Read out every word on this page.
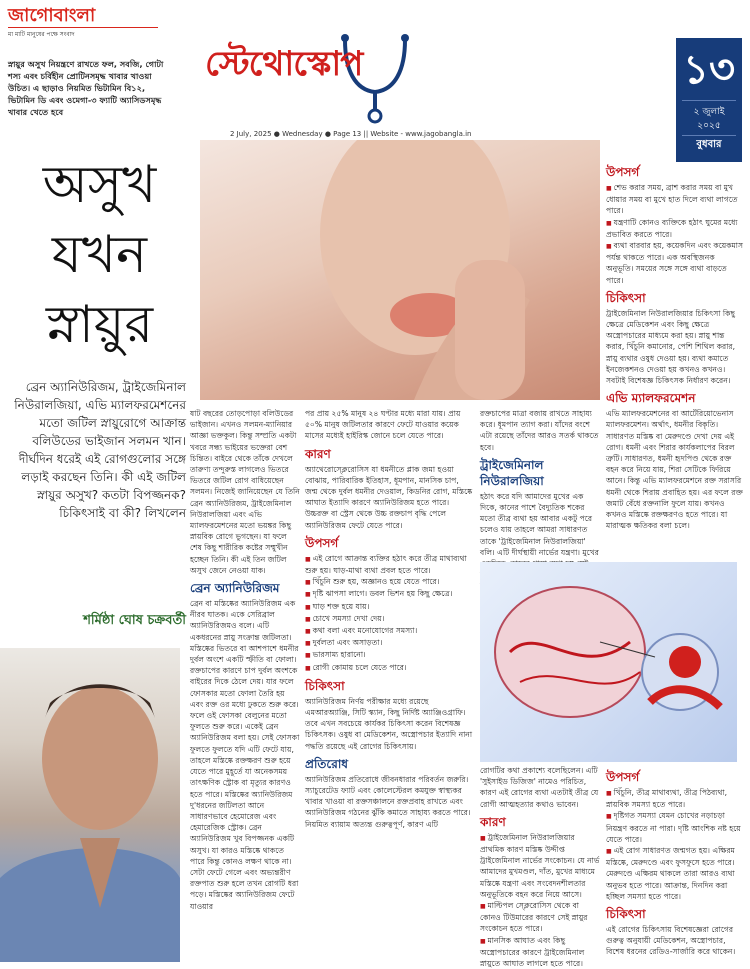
জাগোবাংলা
মা মাটি মানুষের পক্ষে সংবাদ
স্নায়ুর অসুখ নিয়ন্ত্রণে রাখতে ফল, সবজি, গোটা শস্য এবং চর্বিহীন প্রোটিনসমৃদ্ধ খাবার খাওয়া উচিত। এ ছাড়াও নিয়মিত ভিটামিন বি১২, ভিটামিন ডি এবং ওমেগা-৩ ফ্যাটি অ্যাসিডসমৃদ্ধ খাবার খেতে হবে
স্টেথোস্কোপ
2 July, 2025 ● Wednesday ● Page 13 || Website - www.jagobangla.in
১৩
২ জুলাই ২০২৫
বুধবার
অসুখ
যখন
স্নায়ুর
ব্রেন অ্যানিউরিজম, ট্রাইজেমিনাল নিউরালজিয়া, এভি ম্যালফরমেশনের মতো জটিল স্নায়ুরোগে আক্রান্ত বলিউডের ভাইজান সলমন খান। দীর্ঘদিন ধরেই এই রোগগুলোর সঙ্গে লড়াই করছেন তিনি। কী এই জটিল স্নায়ুর অসুখ? কতটা বিপজ্জনক? চিকিৎসাই বা কী? লিখলেন
শর্মিষ্ঠা ঘোষ চক্রবর্তী
ষাট বছরের তোড়পোড়া বলিউডের ভাইজান। এখনও সলমন-ম্যানিয়ার আজ্ঞা ভক্তকুল। কিন্তু সম্প্রতি একটা খবরে সন্ধ্য ভাইয়ের ভক্তেরা বেশ চিন্তিত। বাইরে থেকে তাঁকে দেখলে তারুণ্য তন্দুরুস্ত লাগলেও ভিতরে ভিতরে জটিল রোগ বাধিয়েছেন সলমন। নিজেই জানিয়েছেন যে তিনি ব্রেন অ্যানিউরিজম, ট্রাইজেমিনাল নিউরালজিয়া এবং এভি ম্যালফরমেশনের মতো ভয়ঙ্কর কিছু স্নায়বিক রোগে ভুগছেন। যা ফলে শেষ কিছু শারীরিক কষ্টের সম্মুখীন হচ্ছেন তিনি। কী এই তিন জটিল অসুখ জেনে নেওয়া যাক।
ব্রেন অ্যানিউরিজম
ব্রেন বা মস্তিষ্কের অ্যানিউরিজম এক নীরব ঘাতক। একে সেরিব্রাল অ্যানিউরিজমও বলে। এটি একধরনের স্নায়ু সংক্রান্ত জটিলতা। মস্তিষ্কের ভিতরে বা আশপাশে ধমনীর দুর্বল অংশে একটি স্ফীতি বা ফোলা। রক্তচাপের কারণে চাপ দুর্বল অংশকে বাইরের দিকে ঠেলে দেয়। যার ফলে ফোসকার মতো ফোলা তৈরি হয় এবং রক্ত ওর মধ্যে ঢুকতে শুরু করে। ফলে ওই ফোসকা বেলুনের মতো ফুলতে শুরু করে। একেই ব্রেন অ্যানিউরিজম বলা হয়। সেই ফোসকা ফুলতে ফুলতে যদি এটি ফেটে যায়, তাহলে মস্তিষ্কে রক্তক্ষরণ শুরু হয়ে যেতে পারে মুহূর্তে যা অনেকসময় তাৎক্ষণিক স্ট্রোক বা মৃত্যুর কারণও হতে পারে। মস্তিষ্কের অ্যানিউরিজম দু'ধরনের জটিলতা আনে সাধারণভাবে হেমোরেজ এবং হেমারেজিক স্ট্রোক। ব্রেন অ্যানিউরিজম খুব বিপজ্জনক একটি অসুখ। যা কারও মস্তিষ্কে থাকতে পারে কিন্তু কোনও লক্ষণ থাকে না। সেটা ফেটে গেলে এবং অভ্যন্তরীণ রক্তপাত শুরু হলে তখন রোগটি ধরা পড়ে। মস্তিষ্কের অ্যানিউরিজম ফেটে যাওয়ার
পর প্রায় ২৫% মানুষ ২৪ ঘণ্টার মধ্যে মারা যায়। প্রায় ৫০% মানুষ জটিলতার কারণে ফেটে যাওয়ার কয়েক মাসের মধ্যেই হাইরিস্ক জোনে চলে যেতে পারে।
কারণ
অ্যাথেরোস্ক্লেরোসিস যা ধমনীতে প্লাক জমা হওয়া বোঝায়, পারিবারিক ইতিহাস, ধূমপান, মানসিক চাপ, জন্ম থেকে দুর্বল ধমনীর দেওয়াল, কিডনির রোগ, মস্তিষ্কে আঘাত ইত্যাদি কারণে অ্যানিউরিজম হতে পারে। উচ্চরক্ত বা স্ট্রেস থেকে উচ্চ রক্তচাপ বৃদ্ধি পেলে অ্যানিউরিজম ফেটে যেতে পারে।
উপসর্গ
■ এই রোগে আক্রান্ত ব্যক্তির হঠাৎ করে তীব্র মাথাব্যথা শুরু হয়। ঘাড়-মাথা ব্যথা প্রবল হতে পারে।
■ খিঁচুনি শুরু হয়, অজ্ঞানও হয়ে যেতে পারে।
■ দৃষ্টি ঝাপসা লাগে। ডবল ভিশন হয় কিছু ক্ষেত্রে।
■ ঘাড় শক্ত হয়ে যায়।
■ চোখে সমস্যা দেখা দেয়।
■ কথা বলা এবং মনোযোগের সমস্যা।
■ দুর্বলতা এবং অসাড়তা।
■ ভারসাম্য হারানো।
■ রোগী কোমায় চলে যেতে পারে।
চিকিৎসা
অ্যানিউরিজম নির্ণয় পরীক্ষার মধ্যে রয়েছে এমআরঅ্যাঞ্জি, সিটি স্ক্যান, কিছু নির্দিষ্ট অ্যাঞ্জিওগ্রাফি। তবে এখন সবচেয়ে কার্যকর চিকিৎসা করেন বিশেষজ্ঞ চিকিৎসক। ওষুধ বা মেডিকেশন, অস্ত্রোপচার ইত্যাদি নানা পদ্ধতি রয়েছে এই রোগের চিকিৎসায়।
প্রতিরোধ
অ্যানিউরিজম প্রতিরোধে জীবনধারার পরিবর্তন জরুরি। স্যাচুরেটেড ফ্যাট এবং কোলেস্টেরল কমযুক্ত স্বাস্থ্যকর খাবার খাওয়া বা রক্তসঞ্চালনে রক্তপ্রবাহ রাখতে এবং অ্যানিউরিজম গঠনের ঝুঁকি কমাতে সাহায্য করতে পারে। নিয়মিত ব্যায়াম অত্যন্ত গুরুত্বপূর্ণ, কারণ এটি
রক্তচাপের মাত্রা বজায় রাখতে সাহায্য করে। ধূমপান ত্যাগ করা। যাঁদের বংশে এটা রয়েছে তাঁদের আরও সতর্ক থাকতে হবে।
ট্রাইজেমিনাল নিউরালজিয়া
হঠাৎ করে যদি আমাদের মুখের এক দিকে, কানের পাশে বৈদ্যুতিক শকের মতো তীব্র ব্যথা হয় আবার একটু পরে চলেও যায় তাহলে আমরা সাধারণত তাকে 'ট্রাইজেমিনাল নিউরালজিয়া' বলি। এটি দীর্ঘস্থায়ী নার্ভের যন্ত্রণা। মুখের
রোগটির কথা প্রকাশ্যে বলেছিলেন। এটি 'সুইসাইড ডিজিজ' নামেও পরিচিত, কারণ এই রোগের ব্যথা এতটাই তীব্র যে রোগী আত্মহত্যার কথাও ভাবেন।
কারণ
■ ট্রাইজেমিনাল নিউরালজিয়ার প্রাথমিক কারণ মস্তিষ্ক উদ্দীপ্ত ট্রাইজেমিনাল নার্ভের সংকোচন। যে নার্ভ আমাদের মুখমণ্ডল, দাঁত, মুখের মাধ্যমে মস্তিষ্কে যন্ত্রণা এবং সংবেদনশীলতার অনুভূতিকে বহন করে নিয়ে আসে।
■ মাল্টিপল স্ক্লেরোসিস থেকে বা কোনও টিউমারের কারণে সেই স্নায়ুর সংকোচন হতে পারে।
■ মানসিক আঘাত এবং কিছু অস্ত্রোপচারের কারণে ট্রাইজেমিনাল স্নায়ুতে আঘাত লাগলে হতে পারে।
উপসর্গ
■ শেভ করার সময়, ব্রাশ করার সময় বা মুখ ধোয়ার সময় বা মুখে হাত দিলে ব্যথা লাগতে পারে।
■ যন্ত্রণাটি কোনও ব্যক্তিকে হঠাৎ ঘুমের মধ্যে প্রভাবিত করতে পারে।
■ ব্যথা বারবার হয়, কয়েকদিন এবং কয়েকমাস পর্যন্ত থাকতে পারে। এক অবস্থিজনক অনুভূতি। সময়ের সঙ্গে সঙ্গে ব্যথা বাড়তে পারে।
চিকিৎসা
ট্রাইজেমিনাল নিউরালজিয়ার চিকিৎসা কিছু ক্ষেত্রে মেডিকেশন এবং কিছু ক্ষেত্রে অস্ত্রোপচারের মাধ্যমে করা হয়। স্নায়ু শান্ত করার, খিঁচুনি কমানোর, পেশি শিথিল করার, স্নায়ু ব্যথার ওষুধ দেওয়া হয়। ব্যথা কমাতে ইনজেকশনও দেওয়া হয় কখনও কখনও। সবটাই বিশেষজ্ঞ চিকিৎসক নির্ধারণ করেন।
এভি ম্যালফরমেশন
এভি ম্যালফরমেশনের বা আর্টেরিয়োভেনাস ম্যালফরমেশন। অর্থাৎ, ধমনীর বিকৃতি। সাধারণত মস্তিষ্ক বা মেরুদণ্ডে দেখা দেয় এই রোগ। ধমনী এবং শিরার কার্যকলাপের বিরল ত্রুটি। সাধারণত, ধমনী হৃদপিণ্ড থেকে রক্ত বহন করে নিয়ে যায়, শিরা সেটিকে ফিরিয়ে আনে। কিন্তু এভি ম্যালফরমেশনে রক্ত সরাসরি ধমনী থেকে শিরায় প্রবাহিত হয়। এর ফলে রক্ত জমাট বেঁধে রক্তনালি ফুলে যায়। কখনও কখনও মস্তিষ্কে রক্তক্ষরণও হতে পারে। যা মারাত্মক ক্ষতিকর বলা চলে।
উপসর্গ
■ খিঁচুনি, তীব্র মাথাব্যথা, তীব্র পিঠব্যথা, স্নায়বিক সমস্যা হতে পারে।
■ দৃষ্টিগত সমস্যা যেমন চোখের নড়াচড়া নিয়ন্ত্রণ করতে না পারা। দৃষ্টি আংশিক নষ্ট হয়ে যেতে পারে।
■ এই রোগ সাধারণত জন্মগত হয়। এক্ষিরম মস্তিষ্কে, মেরুদণ্ডে এবং ফুসফুসে হতে পারে। মেরুদণ্ডে এক্ষিরম থাকলে তারা আরও ব্যথা অনুভব হতে পারে। আক্রান্ত, দিনদিন করা হচ্ছিল সমস্যা হতে পারে।
চিকিৎসা
এই রোগের চিকিৎসায় বিশেষজ্ঞেরা রোগের গুরুত্ব অনুযায়ী মেডিকেশন, অস্ত্রোপচার, বিশেষ ধরনের রেডিও-সার্জারি করে থাকেন।
